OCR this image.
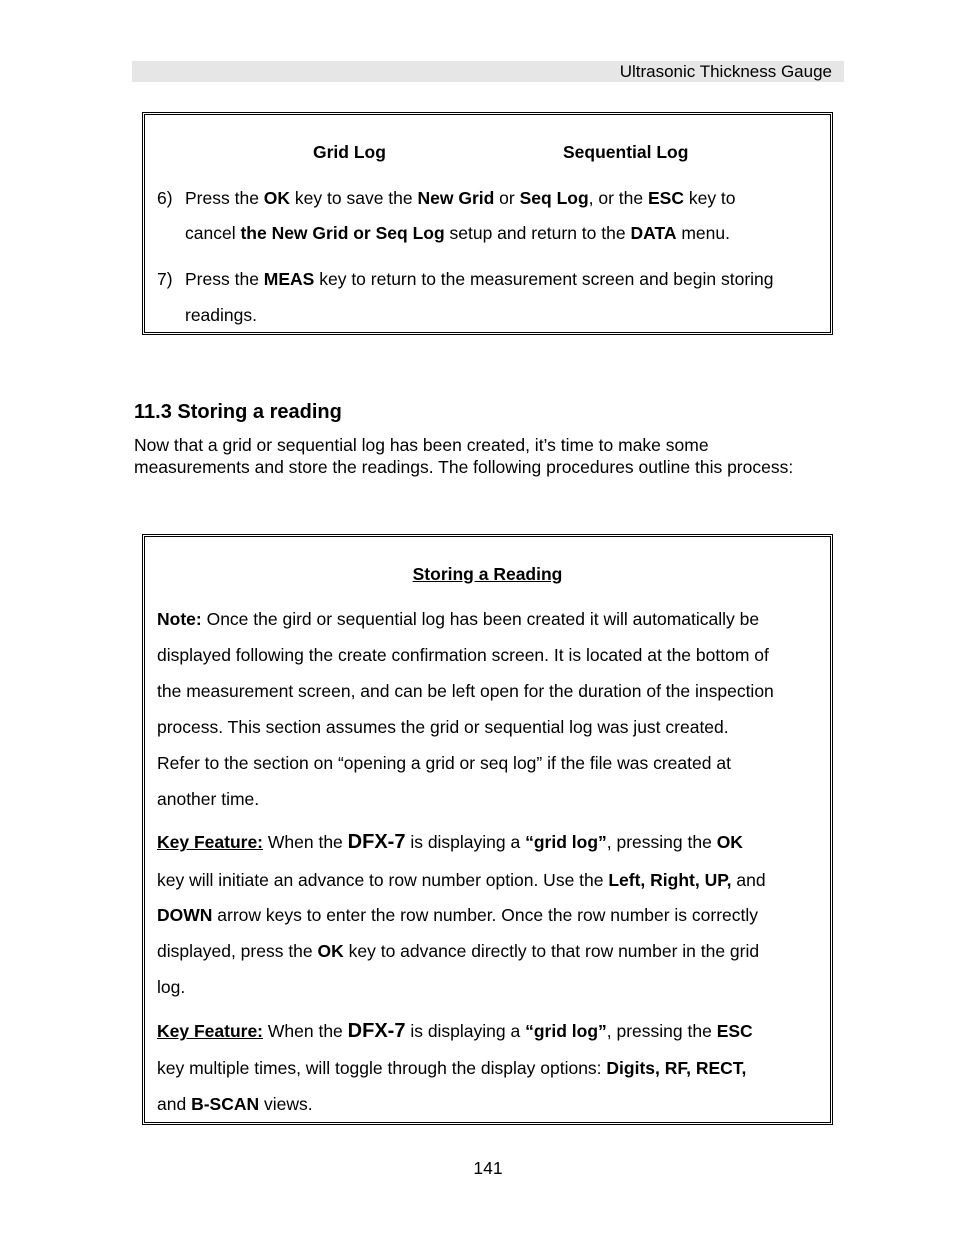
Ultrasonic Thickness Gauge
Grid Log	Sequential Log
6) Press the OK key to save the New Grid or Seq Log, or the ESC key to
cancel the New Grid or Seq Log setup and return to the DATA menu.
7) Press the MEAS key to return to the measurement screen and begin storing
readings.
11.3 Storing a reading
Now that a grid or sequential log has been created, it’s time to make some measurements and store the readings. The following procedures outline this process:
Storing a Reading
Note: Once the gird or sequential log has been created it will automatically be
displayed following the create confirmation screen. It is located at the bottom of
the measurement screen, and can be left open for the duration of the inspection
process. This section assumes the grid or sequential log was just created.
Refer to the section on “opening a grid or seq log” if the file was created at
another time.
Key Feature: When the DFX-7 is displaying a “grid log”, pressing the OK
key will initiate an advance to row number option. Use the Left, Right, UP, and
DOWN arrow keys to enter the row number. Once the row number is correctly
displayed, press the OK key to advance directly to that row number in the grid
log.
Key Feature: When the DFX-7 is displaying a “grid log”, pressing the ESC
key multiple times, will toggle through the display options: Digits, RF, RECT,
and B-SCAN views.
141
